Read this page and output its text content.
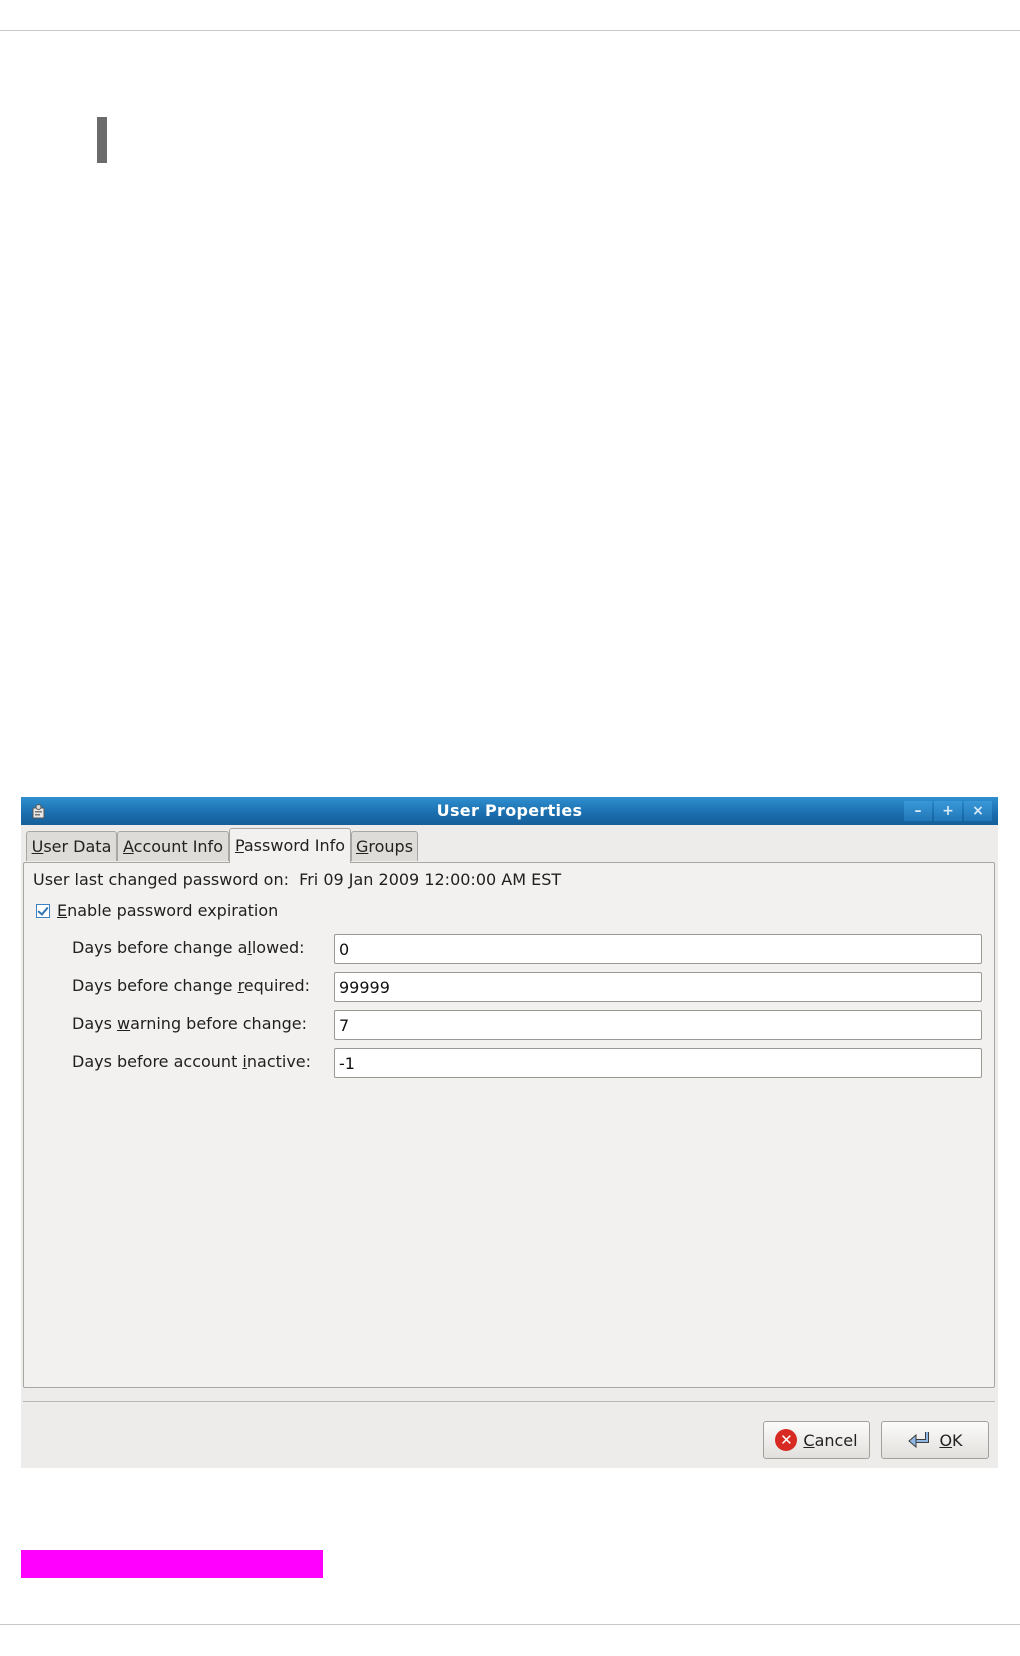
User Properties	–	+	×
User Data Account Info Password Info Groups
User last changed password on: Fri 09 Jan 2009 12:00:00 AM EST
Enable password expiration
Days before change allowed:
0
Days before change required:
99999
Days warning before change:
7
Days before account inactive:
-1
✕ Cancel	OK
